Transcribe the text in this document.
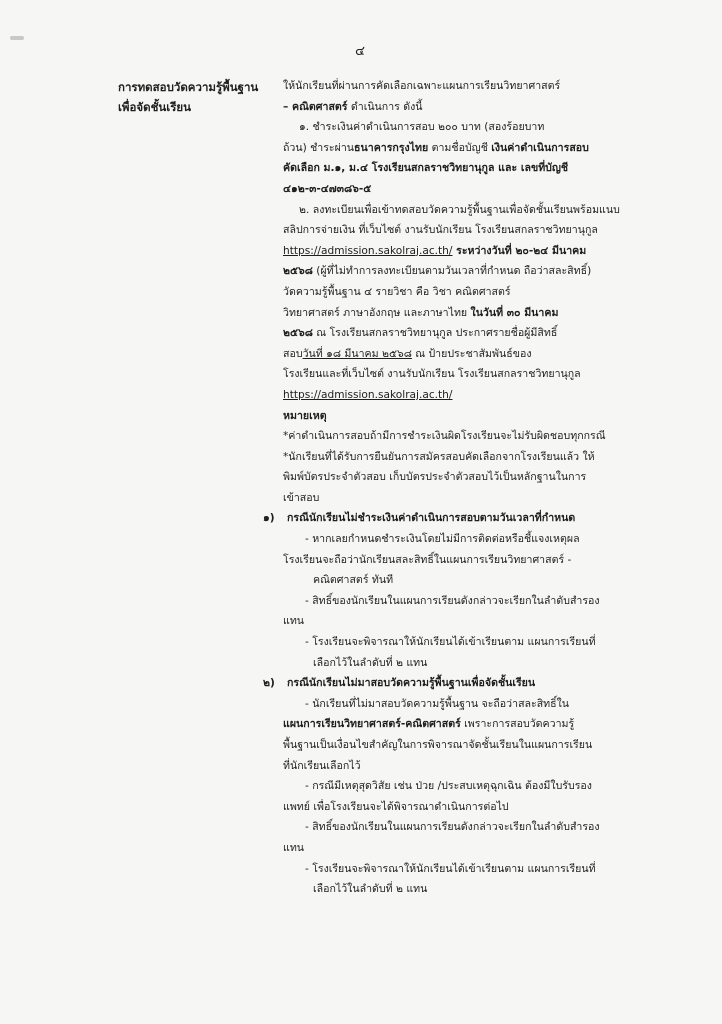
๔
การทดสอบวัดความรู้พื้นฐาน
เพื่อจัดชั้นเรียน

ให้นักเรียนที่ผ่านการคัดเลือกเฉพาะแผนการเรียนวิทยาศาสตร์

– คณิตศาสตร์ ดำเนินการ ดังนี้

๑. ชำระเงินค่าดำเนินการสอบ ๒๐๐ บาท (สองร้อยบาท

ถ้วน) ชำระผ่านธนาคารกรุงไทย ตามชื่อบัญชี เงินค่าดำเนินการสอบ

คัดเลือก ม.๑, ม.๔ โรงเรียนสกลราชวิทยานุกูล และ เลขที่บัญชี

๔๑๒-๓-๔๗๓๘๖-๕

๒. ลงทะเบียนเพื่อเข้าทดสอบวัดความรู้พื้นฐานเพื่อจัดชั้นเรียนพร้อมแนบ

สลิปการจ่ายเงิน ที่เว็บไซต์ งานรับนักเรียน โรงเรียนสกลราชวิทยานุกูล

https://admission.sakolraj.ac.th/ ระหว่างวันที่ ๒๐-๒๔ มีนาคม

๒๕๖๘ (ผู้ที่ไม่ทำการลงทะเบียนตามวันเวลาที่กำหนด ถือว่าสละสิทธิ์)

วัดความรู้พื้นฐาน ๔ รายวิชา คือ วิชา คณิตศาสตร์

วิทยาศาสตร์ ภาษาอังกฤษ และภาษาไทย ในวันที่ ๓๐ มีนาคม

๒๕๖๘ ณ โรงเรียนสกลราชวิทยานุกูล ประกาศรายชื่อผู้มีสิทธิ์

สอบวันที่ ๑๘ มีนาคม ๒๕๖๘ ณ ป้ายประชาสัมพันธ์ของ

โรงเรียนและที่เว็บไซต์ งานรับนักเรียน โรงเรียนสกลราชวิทยานุกูล

https://admission.sakolraj.ac.th/

หมายเหตุ

*ค่าดำเนินการสอบถ้ามีการชำระเงินผิดโรงเรียนจะไม่รับผิดชอบทุกกรณี

*นักเรียนที่ได้รับการยืนยันการสมัครสอบคัดเลือกจากโรงเรียนแล้ว ให้

พิมพ์บัตรประจำตัวสอบ เก็บบัตรประจำตัวสอบไว้เป็นหลักฐานในการ

เข้าสอบ

๑) กรณีนักเรียนไม่ชำระเงินค่าดำเนินการสอบตามวันเวลาที่กำหนด

- หากเลยกำหนดชำระเงินโดยไม่มีการติดต่อหรือชี้แจงเหตุผล

โรงเรียนจะถือว่านักเรียนสละสิทธิ์ในแผนการเรียนวิทยาศาสตร์ -

คณิตศาสตร์ ทันที

- สิทธิ์ของนักเรียนในแผนการเรียนดังกล่าวจะเรียกในลำดับสำรอง

แทน

- โรงเรียนจะพิจารณาให้นักเรียนได้เข้าเรียนตาม แผนการเรียนที่

เลือกไว้ในลำดับที่ ๒ แทน

๒) กรณีนักเรียนไม่มาสอบวัดความรู้พื้นฐานเพื่อจัดชั้นเรียน

- นักเรียนที่ไม่มาสอบวัดความรู้พื้นฐาน จะถือว่าสละสิทธิ์ใน

แผนการเรียนวิทยาศาสตร์-คณิตศาสตร์ เพราะการสอบวัดความรู้

พื้นฐานเป็นเงื่อนไขสำคัญในการพิจารณาจัดชั้นเรียนในแผนการเรียน

ที่นักเรียนเลือกไว้

- กรณีมีเหตุสุดวิสัย เช่น ป่วย /ประสบเหตุฉุกเฉิน ต้องมีใบรับรอง

แพทย์ เพื่อโรงเรียนจะได้พิจารณาดำเนินการต่อไป

- สิทธิ์ของนักเรียนในแผนการเรียนดังกล่าวจะเรียกในลำดับสำรอง

แทน

- โรงเรียนจะพิจารณาให้นักเรียนได้เข้าเรียนตาม แผนการเรียนที่

เลือกไว้ในลำดับที่ ๒ แทน
